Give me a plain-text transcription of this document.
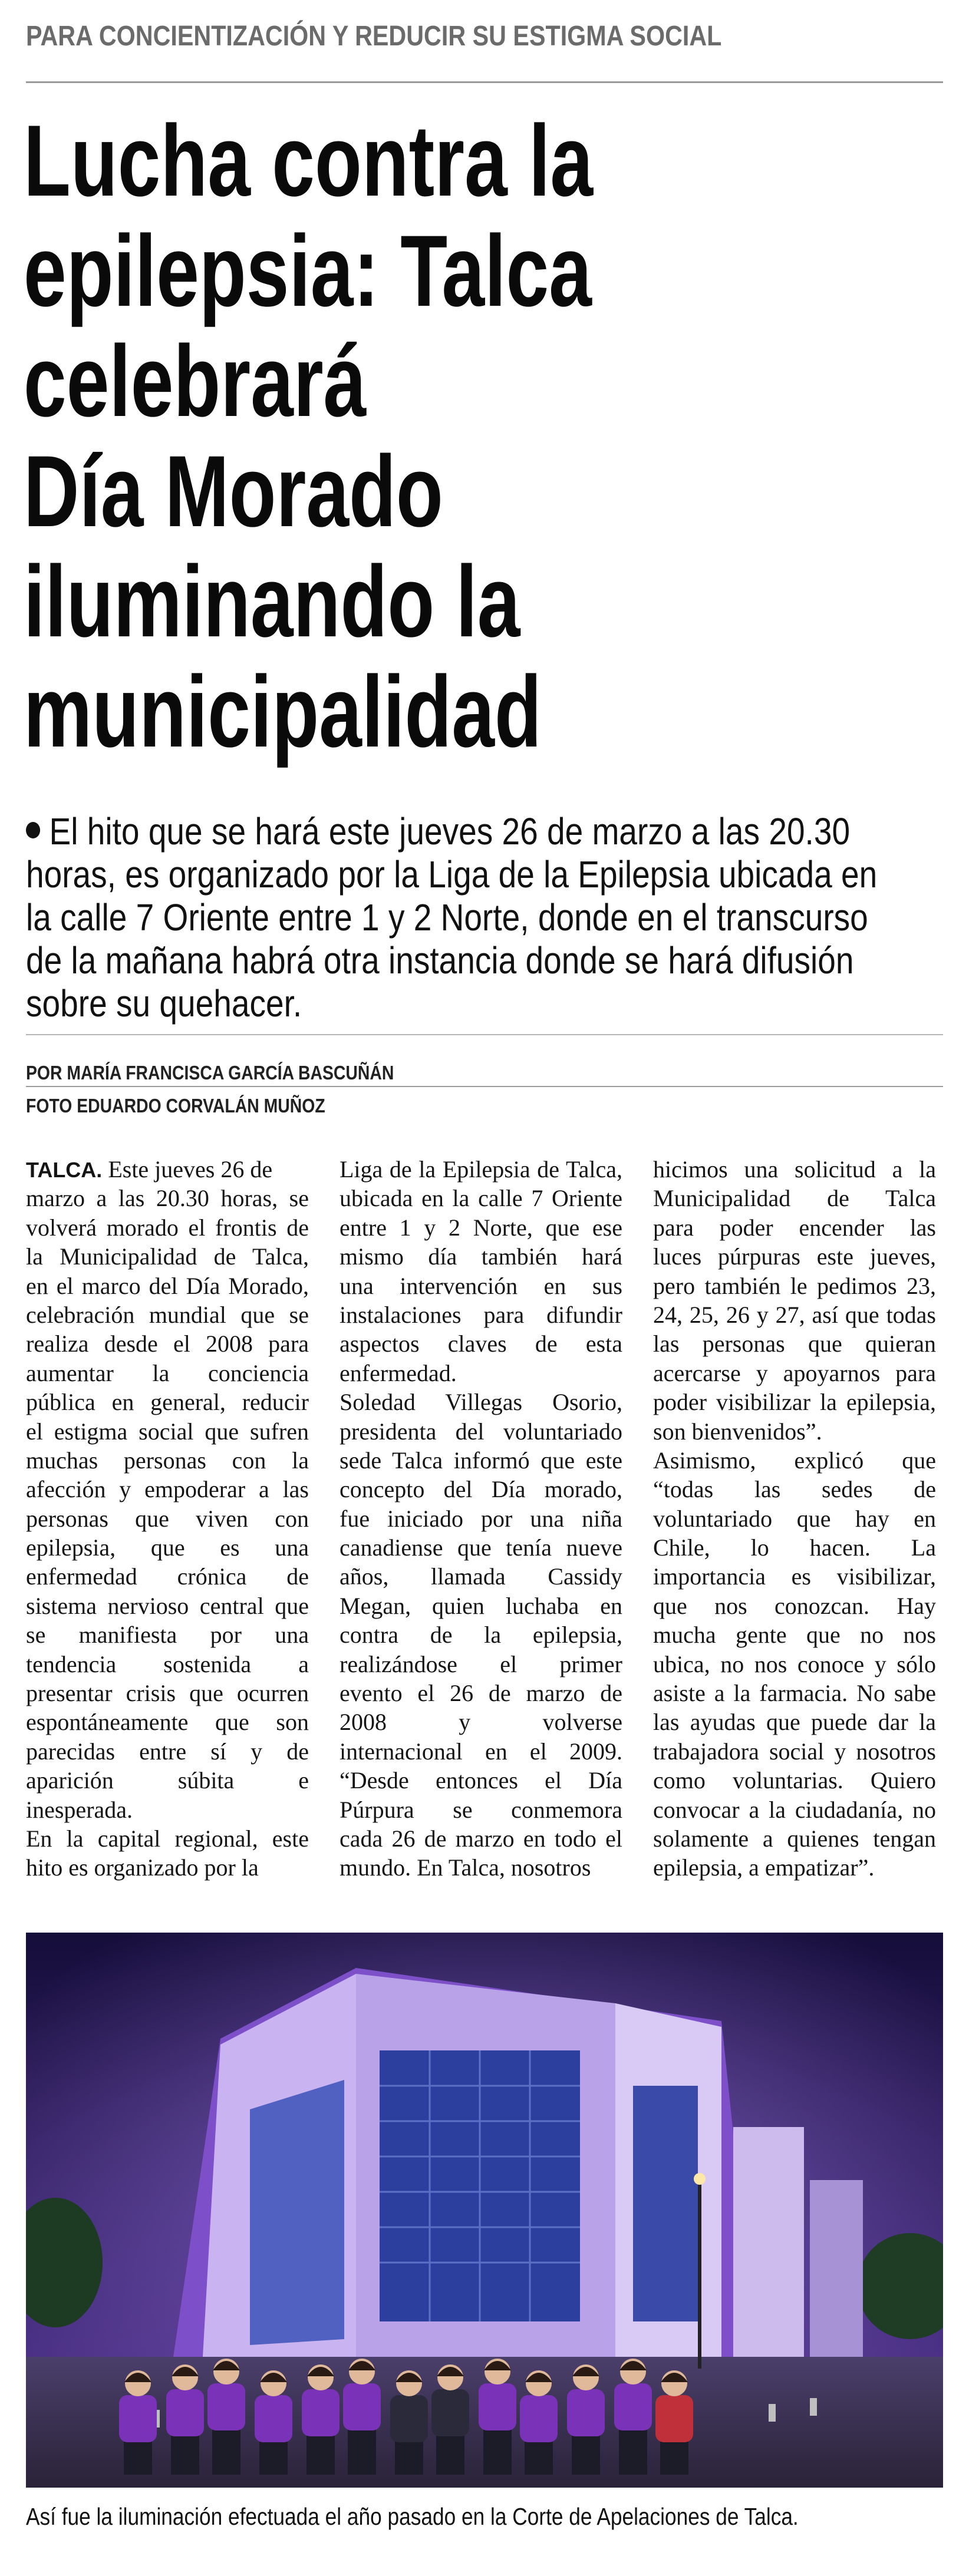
PARA CONCIENTIZACIÓN Y REDUCIR SU ESTIGMA SOCIAL
Lucha contra la
epilepsia: Talca
celebrará
Día Morado
iluminando la
municipalidad
El hito que se hará este jueves 26 de marzo a las 20.30
horas, es organizado por la Liga de la Epilepsia ubicada en
la calle 7 Oriente entre 1 y 2 Norte, donde en el transcurso
de la mañana habrá otra instancia donde se hará difusión
sobre su quehacer.
POR MARÍA FRANCISCA GARCÍA BASCUÑÁN
FOTO EDUARDO CORVALÁN MUÑOZ
TALCA. Este jueves 26 de
marzo a las 20.30 horas, se
volverá morado el frontis de
la Municipalidad de Talca,
en el marco del Día Morado,
celebración mundial que se
realiza desde el 2008 para
aumentar la conciencia
pública en general, reducir
el estigma social que sufren
muchas personas con la
afección y empoderar a las
personas que viven con
epilepsia, que es una
enfermedad crónica de
sistema nervioso central que
se manifiesta por una
tendencia sostenida a
presentar crisis que ocurren
espontáneamente que son
parecidas entre sí y de
aparición súbita e
inesperada.
En la capital regional, este
hito es organizado por la
Liga de la Epilepsia de Talca,
ubicada en la calle 7 Oriente
entre 1 y 2 Norte, que ese
mismo día también hará
una intervención en sus
instalaciones para difundir
aspectos claves de esta
enfermedad.
Soledad Villegas Osorio,
presidenta del voluntariado
sede Talca informó que este
concepto del Día morado,
fue iniciado por una niña
canadiense que tenía nueve
años, llamada Cassidy
Megan, quien luchaba en
contra de la epilepsia,
realizándose el primer
evento el 26 de marzo de
2008 y volverse
internacional en el 2009.
“Desde entonces el Día
Púrpura se conmemora
cada 26 de marzo en todo el
mundo. En Talca, nosotros
hicimos una solicitud a la
Municipalidad de Talca
para poder encender las
luces púrpuras este jueves,
pero también le pedimos 23,
24, 25, 26 y 27, así que todas
las personas que quieran
acercarse y apoyarnos para
poder visibilizar la epilepsia,
son bienvenidos”.
Asimismo, explicó que
“todas las sedes de
voluntariado que hay en
Chile, lo hacen. La
importancia es visibilizar,
que nos conozcan. Hay
mucha gente que no nos
ubica, no nos conoce y sólo
asiste a la farmacia. No sabe
las ayudas que puede dar la
trabajadora social y nosotros
como voluntarias. Quiero
convocar a la ciudadanía, no
solamente a quienes tengan
epilepsia, a empatizar”.
Así fue la iluminación efectuada el año pasado en la Corte de Apelaciones de Talca.
